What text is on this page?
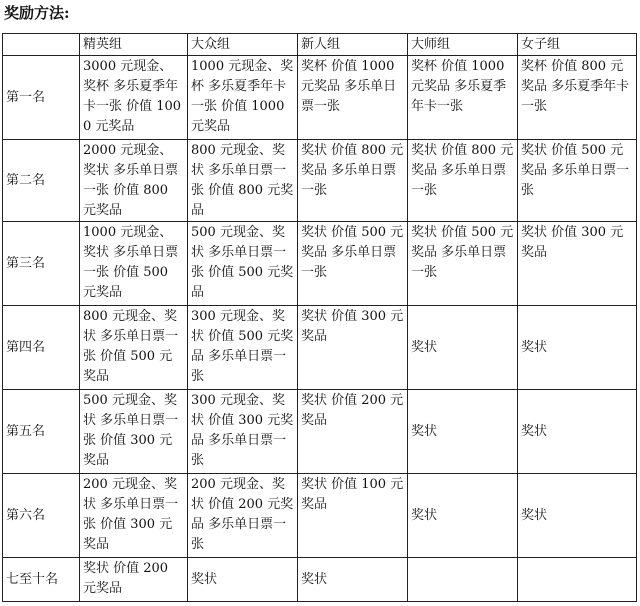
奖励方法:
	精英组	大众组	新人组	大师组	女子组
第一名	3000 元现金、奖杯 多乐夏季年卡一张 价值 1000 元奖品	1000 元现金、奖杯 多乐夏季年卡一张 价值 1000 元奖品	奖杯 价值 1000 元奖品 多乐单日票一张	奖杯 价值 1000 元奖品 多乐夏季年卡一张	奖杯 价值 800 元奖品 多乐夏季年卡一张
第二名	2000 元现金、奖状 多乐单日票一张 价值 800 元奖品	800 元现金、奖状 多乐单日票一张 价值 800 元奖品	奖状 价值 800 元奖品 多乐单日票一张	奖状 价值 800 元奖品 多乐单日票一张	奖状 价值 500 元奖品 多乐单日票一张
第三名	1000 元现金、奖状 多乐单日票一张 价值 500 元奖品	500 元现金、奖状 多乐单日票一张 价值 500 元奖品	奖状 价值 500 元奖品 多乐单日票一张	奖状 价值 500 元奖品 多乐单日票一张	奖状 价值 300 元奖品
第四名	800 元现金、奖状 多乐单日票一张 价值 500 元奖品	300 元现金、奖状 价值 500 元奖品 多乐单日票一张	奖状 价值 300 元奖品	奖状	奖状
第五名	500 元现金、奖状 多乐单日票一张 价值 300 元奖品	300 元现金、奖状 价值 300 元奖品 多乐单日票一张	奖状 价值 200 元奖品	奖状	奖状
第六名	200 元现金、奖状 多乐单日票一张 价值 300 元奖品	200 元现金、奖状 价值 200 元奖品 多乐单日票一张	奖状 价值 100 元奖品	奖状	奖状
七至十名	奖状 价值 200 元奖品	奖状	奖状		
